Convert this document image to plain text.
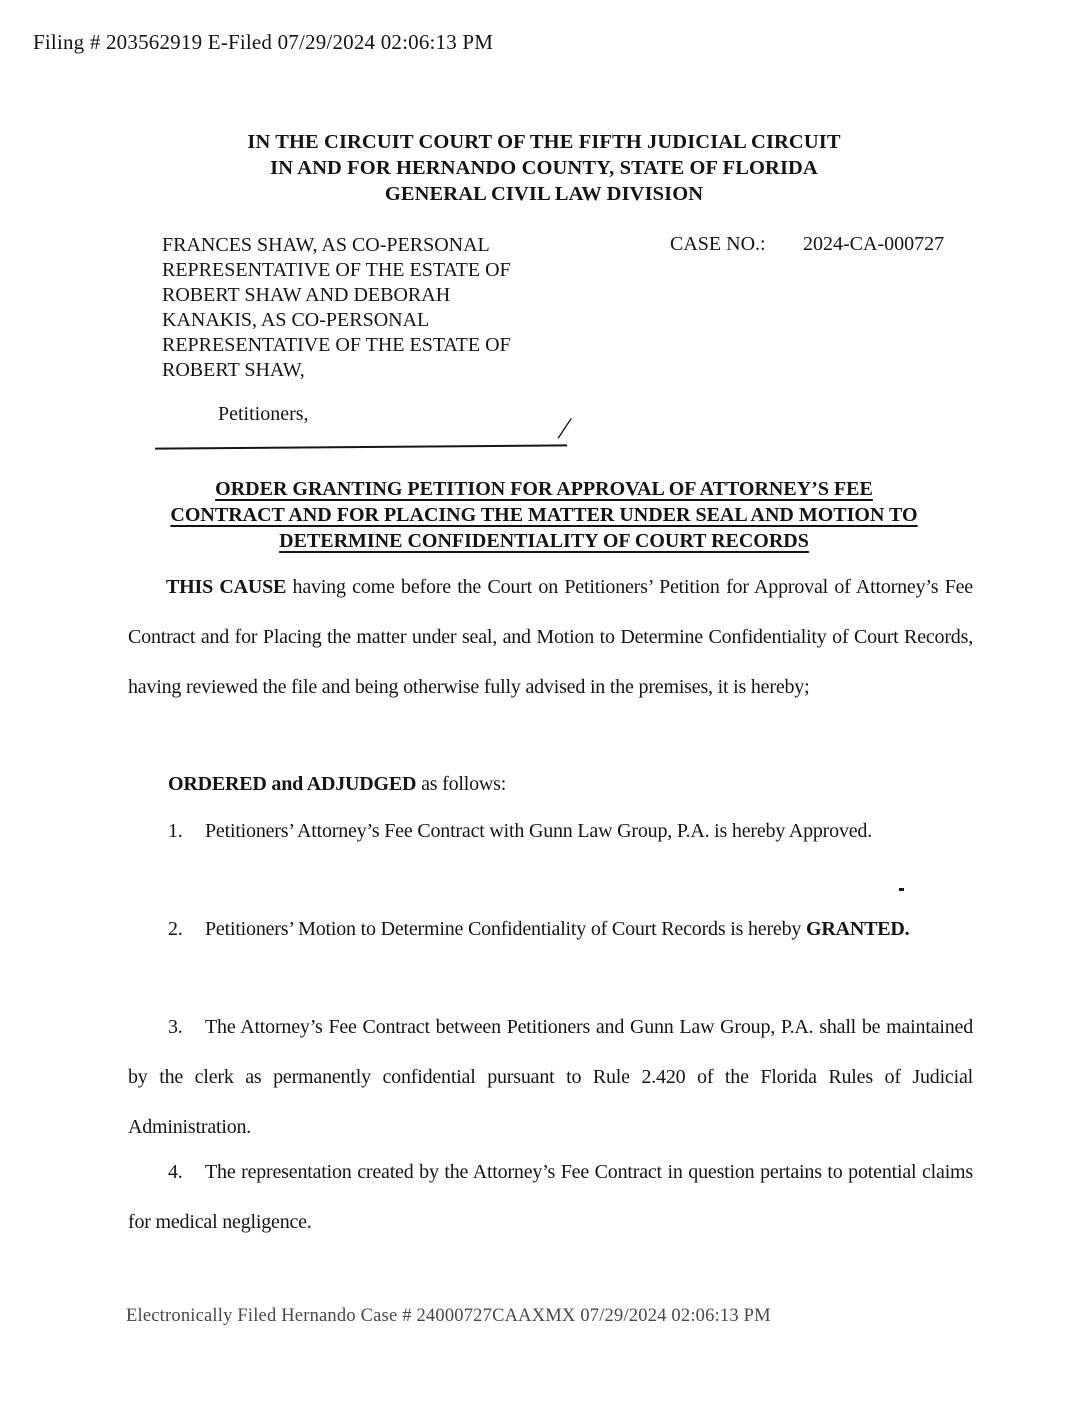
Filing # 203562919 E-Filed 07/29/2024 02:06:13 PM
IN THE CIRCUIT COURT OF THE FIFTH JUDICIAL CIRCUIT
IN AND FOR HERNANDO COUNTY, STATE OF FLORIDA
GENERAL CIVIL LAW DIVISION
FRANCES SHAW, AS CO-PERSONAL
REPRESENTATIVE OF THE ESTATE OF
ROBERT SHAW AND DEBORAH
KANAKIS, AS CO-PERSONAL
REPRESENTATIVE OF THE ESTATE OF
ROBERT SHAW,
CASE NO.: 2024-CA-000727
Petitioners,	/
ORDER GRANTING PETITION FOR APPROVAL OF ATTORNEY’S FEE
CONTRACT AND FOR PLACING THE MATTER UNDER SEAL AND MOTION TO
DETERMINE CONFIDENTIALITY OF COURT RECORDS

THIS CAUSE having come before the Court on Petitioners’ Petition for Approval of Attorney’s Fee Contract and for Placing the matter under seal, and Motion to Determine Confidentiality of Court Records, having reviewed the file and being otherwise fully advised in the premises, it is hereby;

ORDERED and ADJUDGED as follows:

1. Petitioners’ Attorney’s Fee Contract with Gunn Law Group, P.A. is hereby Approved.

2. Petitioners’ Motion to Determine Confidentiality of Court Records is hereby GRANTED.

3. The Attorney’s Fee Contract between Petitioners and Gunn Law Group, P.A. shall be maintained by the clerk as permanently confidential pursuant to Rule 2.420 of the Florida Rules of Judicial Administration.

4. The representation created by the Attorney’s Fee Contract in question pertains to potential claims for medical negligence.

Electronically Filed Hernando Case # 24000727CAAXMX 07/29/2024 02:06:13 PM
